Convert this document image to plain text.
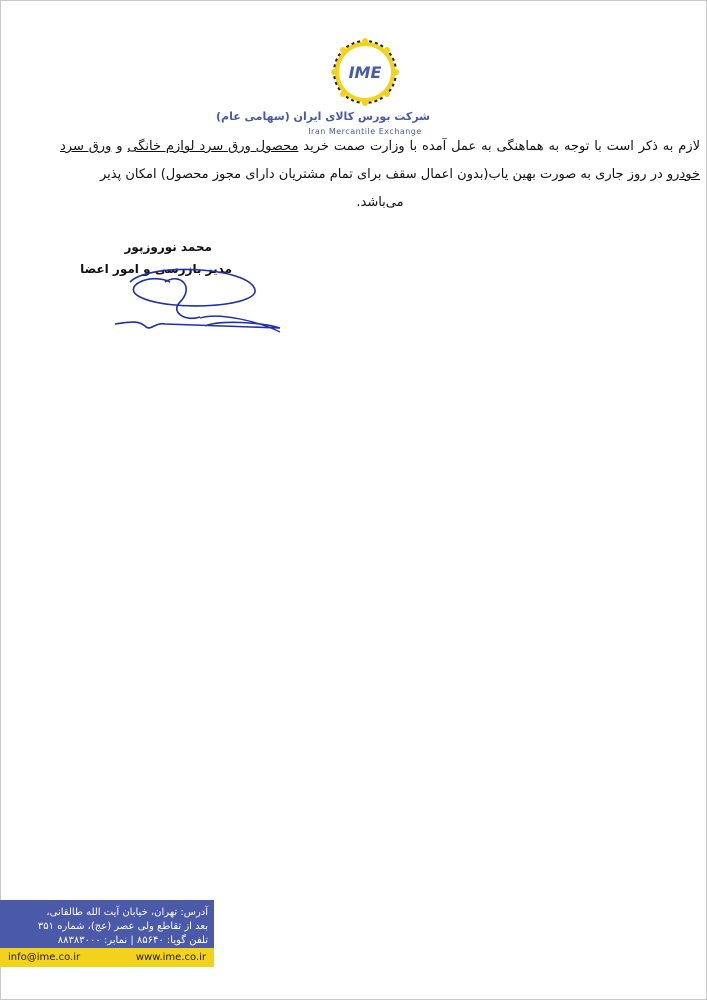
IME
شرکت بورس کالای ایران (سهامی عام)
Iran Mercantile Exchange
لازم به ذکر است با توجه به هماهنگی به عمل آمده با وزارت صمت خرید محصول ورق سرد لوازم خانگی و ورق سرد خودرو در روز جاری به صورت بهین یاب(بدون اعمال سقف برای تمام مشتریان دارای مجوز محصول) امکان پذیر
می‌باشد.
محمد نوروزپور
مدیر بازرسی و امور اعضا
آدرس: تهران، خیابان آیت الله طالقانی،
بعد از تقاطع ولی عصر (عج)، شماره ۳۵۱
تلفن گویا: ۸۵۶۴۰ | نمابر: ۸۸۳۸۳۰۰۰
info@ime.co.ir	www.ime.co.ir
